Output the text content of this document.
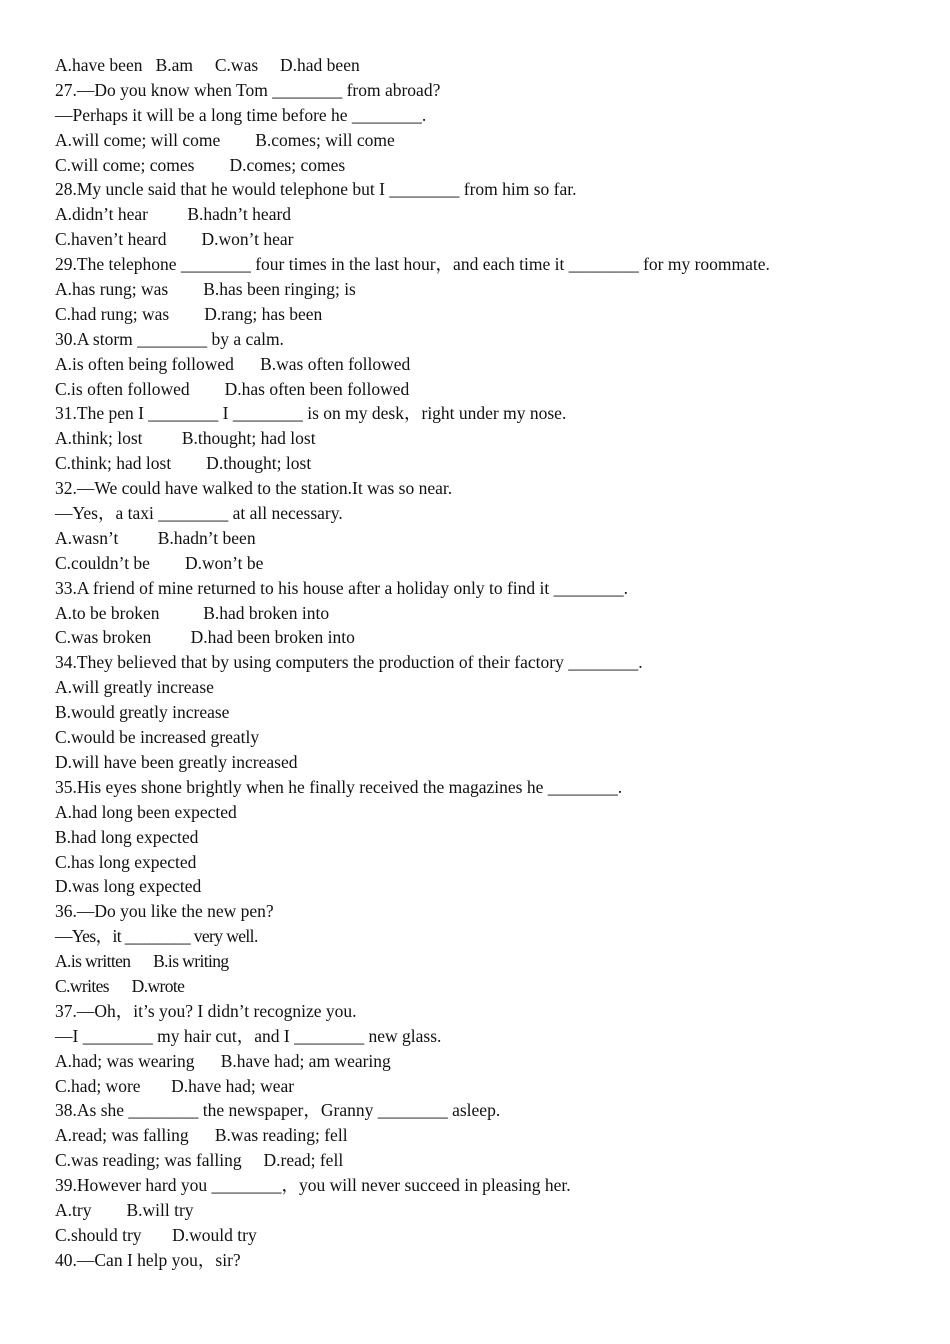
A.have been   B.am     C.was     D.had been
27.—Do you know when Tom ________ from abroad?
—Perhaps it will be a long time before he ________.
A.will come; will come        B.comes; will come
C.will come; comes        D.comes; comes
28.My uncle said that he would telephone but I ________ from him so far.
A.didn’t hear         B.hadn’t heard
C.haven’t heard        D.won’t hear
29.The telephone ________ four times in the last hour，and each time it ________ for my roommate.
A.has rung; was        B.has been ringing; is
C.had rung; was        D.rang; has been
30.A storm ________ by a calm.
A.is often being followed      B.was often followed
C.is often followed        D.has often been followed
31.The pen I ________ I ________ is on my desk，right under my nose.
A.think; lost         B.thought; had lost
C.think; had lost        D.thought; lost
32.—We could have walked to the station.It was so near.
—Yes，a taxi ________ at all necessary.
A.wasn’t         B.hadn’t been
C.couldn’t be        D.won’t be
33.A friend of mine returned to his house after a holiday only to find it ________.
A.to be broken          B.had broken into
C.was broken         D.had been broken into
34.They believed that by using computers the production of their factory ________.
A.will greatly increase
B.would greatly increase
C.would be increased greatly
D.will have been greatly increased
35.His eyes shone brightly when he finally received the magazines he ________.
A.had long been expected
B.had long expected
C.has long expected
D.was long expected
36.—Do you like the new pen?
—Yes，it ________ very well.
A.is written      B.is writing
C.writes      D.wrote
37.—Oh，it’s you? I didn’t recognize you.
—I ________ my hair cut，and I ________ new glass.
A.had; was wearing      B.have had; am wearing
C.had; wore       D.have had; wear
38.As she ________ the newspaper，Granny ________ asleep.
A.read; was falling      B.was reading; fell
C.was reading; was falling     D.read; fell
39.However hard you ________，you will never succeed in pleasing her.
A.try        B.will try
C.should try       D.would try
40.—Can I help you，sir?
